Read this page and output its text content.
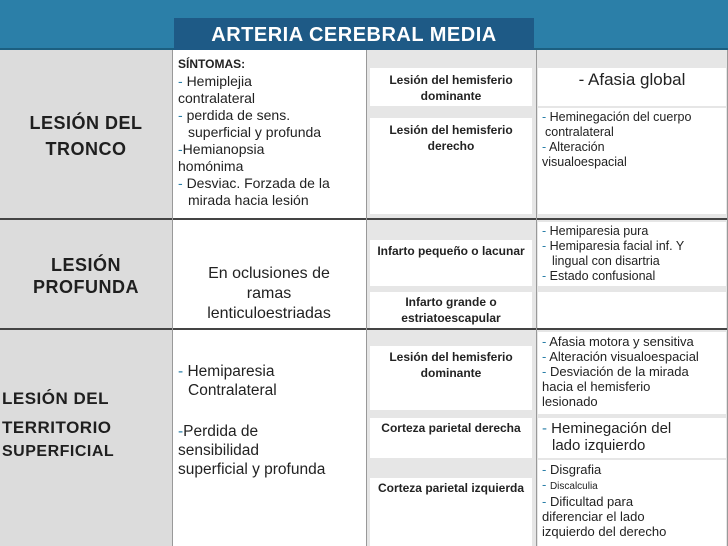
ARTERIA CEREBRAL MEDIA
LESIÓN DEL
TRONCO
SÍNTOMAS:
- Hemiplejia
contralateral
- perdida de sens.
superficial y profunda
-Hemianopsia
homónima
- Desviac. Forzada de la
mirada hacia lesión
Lesión del hemisferio dominante
Lesión del hemisferio derecho
- Afasia global
- Heminegación del cuerpo
contralateral
- Alteración
visualoespacial
LESIÓN
PROFUNDA
En oclusiones de
ramas
lenticuloestriadas
Infarto pequeño o lacunar
Infarto grande o estriatoescapular
- Hemiparesia pura
- Hemiparesia facial inf. Y
lingual con disartria
- Estado confusional
LESIÓN DEL
TERRITORIO
SUPERFICIAL
- Hemiparesia
Contralateral
-Perdida de
sensibilidad
superficial y profunda
Lesión del hemisferio dominante
Corteza parietal derecha
Corteza parietal izquierda
- Afasia motora y sensitiva
- Alteración visualoespacial
- Desviación de la mirada
hacia el hemisferio
lesionado
- Heminegación del
lado izquierdo
- Disgrafia
- Discalculia
- Dificultad para
diferenciar el lado
izquierdo del derecho
